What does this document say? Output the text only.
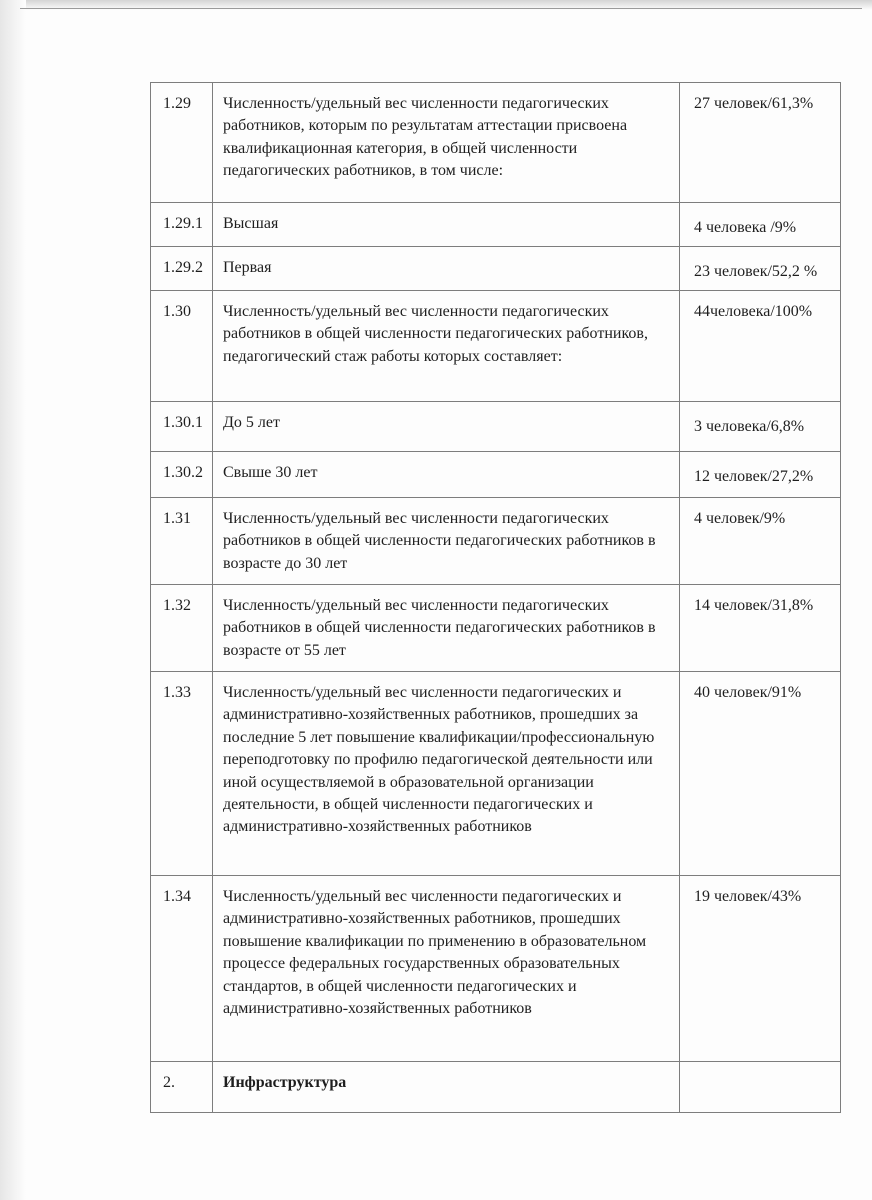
1.29	Численность/удельный вес численности педагогических работников, которым по результатам аттестации присвоена квалификационная категория, в общей численности педагогических работников, в том числе:	27 человек/61,3%
1.29.1	Высшая	4 человека /9%
1.29.2	Первая	23 человек/52,2 %
1.30	Численность/удельный вес численности педагогических работников в общей численности педагогических работников, педагогический стаж работы которых составляет:	44человека/100%
1.30.1	До 5 лет	3 человека/6,8%
1.30.2	Свыше 30 лет	12 человек/27,2%
1.31	Численность/удельный вес численности педагогических работников в общей численности педагогических работников в возрасте до 30 лет	4 человек/9%
1.32	Численность/удельный вес численности педагогических работников в общей численности педагогических работников в возрасте от 55 лет	14 человек/31,8%
1.33	Численность/удельный вес численности педагогических и административно-хозяйственных работников, прошедших за последние 5 лет повышение квалификации/профессиональную переподготовку по профилю педагогической деятельности или иной осуществляемой в образовательной организации деятельности, в общей численности педагогических и административно-хозяйственных работников	40 человек/91%
1.34	Численность/удельный вес численности педагогических и административно-хозяйственных работников, прошедших повышение квалификации по применению в образовательном процессе федеральных государственных образовательных стандартов, в общей численности педагогических и административно-хозяйственных работников	19 человек/43%
2.	Инфраструктура	
